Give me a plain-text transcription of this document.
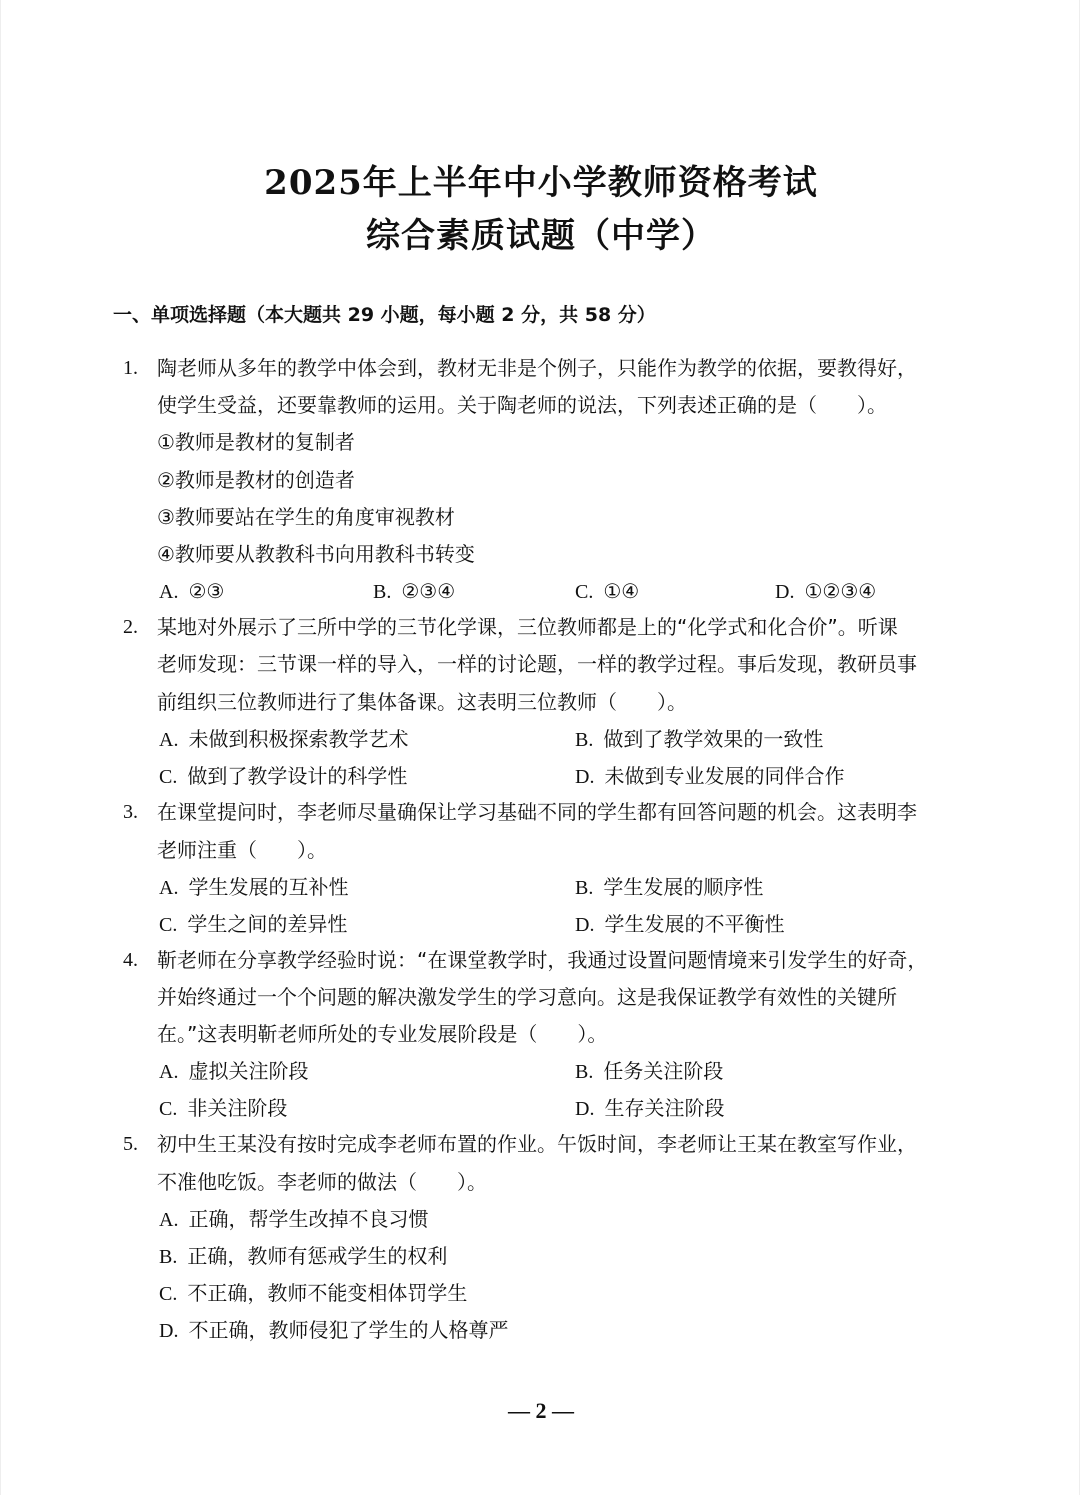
2025年上半年中小学教师资格考试
综合素质试题（中学）
一、单项选择题（本大题共 29 小题，每小题 2 分，共 58 分）
1. 陶老师从多年的教学中体会到，教材无非是个例子，只能作为教学的依据，要教得好，
使学生受益，还要靠教师的运用。关于陶老师的说法，下列表述正确的是（　　）。
①教师是教材的复制者
②教师是教材的创造者
③教师要站在学生的角度审视教材
④教师要从教教科书向用教科书转变
A. ②③	B. ②③④	C. ①④	D. ①②③④
2. 某地对外展示了三所中学的三节化学课，三位教师都是上的“化学式和化合价”。听课
老师发现：三节课一样的导入，一样的讨论题，一样的教学过程。事后发现，教研员事
前组织三位教师进行了集体备课。这表明三位教师（　　）。
A. 未做到积极探索教学艺术	B. 做到了教学效果的一致性
C. 做到了教学设计的科学性	D. 未做到专业发展的同伴合作
3. 在课堂提问时，李老师尽量确保让学习基础不同的学生都有回答问题的机会。这表明李
老师注重（　　）。
A. 学生发展的互补性	B. 学生发展的顺序性
C. 学生之间的差异性	D. 学生发展的不平衡性
4. 靳老师在分享教学经验时说：“在课堂教学时，我通过设置问题情境来引发学生的好奇，
并始终通过一个个问题的解决激发学生的学习意向。这是我保证教学有效性的关键所
在。”这表明靳老师所处的专业发展阶段是（　　）。
A. 虚拟关注阶段	B. 任务关注阶段
C. 非关注阶段	D. 生存关注阶段
5. 初中生王某没有按时完成李老师布置的作业。午饭时间，李老师让王某在教室写作业，
不准他吃饭。李老师的做法（　　）。
A. 正确，帮学生改掉不良习惯
B. 正确，教师有惩戒学生的权利
C. 不正确，教师不能变相体罚学生
D. 不正确，教师侵犯了学生的人格尊严
— 2 —
